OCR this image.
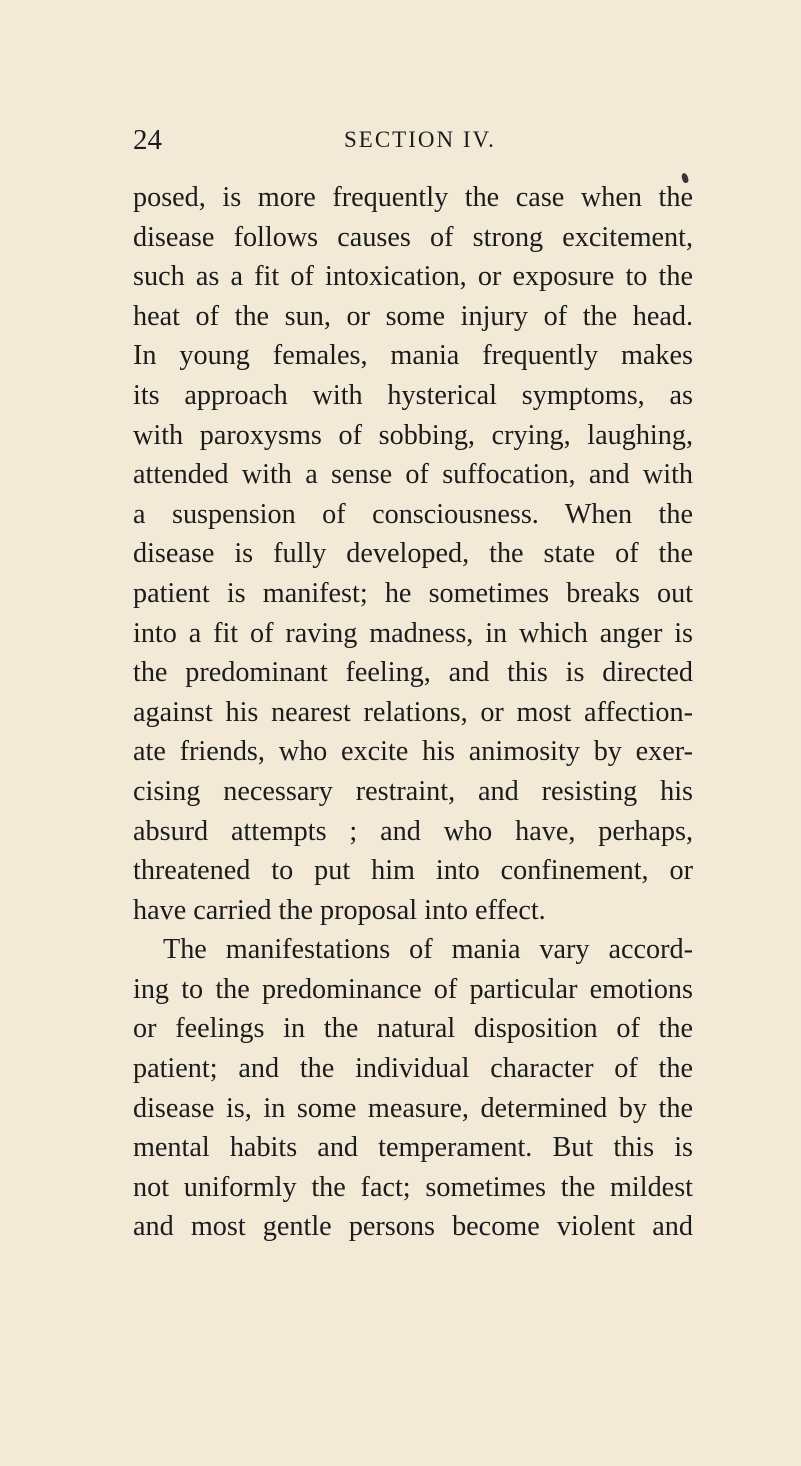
24	SECTION IV.
posed, is more frequently the case when the
disease follows causes of strong excitement,
such as a fit of intoxication, or exposure to the
heat of the sun, or some injury of the head.
In young females, mania frequently makes
its approach with hysterical symptoms, as
with paroxysms of sobbing, crying, laughing,
attended with a sense of suffocation, and with
a suspension of consciousness. When the
disease is fully developed, the state of the
patient is manifest; he sometimes breaks out
into a fit of raving madness, in which anger is
the predominant feeling, and this is directed
against his nearest relations, or most affection-
ate friends, who excite his animosity by exer-
cising necessary restraint, and resisting his
absurd attempts ; and who have, perhaps,
threatened to put him into confinement, or
have carried the proposal into effect.
The manifestations of mania vary accord-
ing to the predominance of particular emotions
or feelings in the natural disposition of the
patient; and the individual character of the
disease is, in some measure, determined by the
mental habits and temperament. But this is
not uniformly the fact; sometimes the mildest
and most gentle persons become violent and
